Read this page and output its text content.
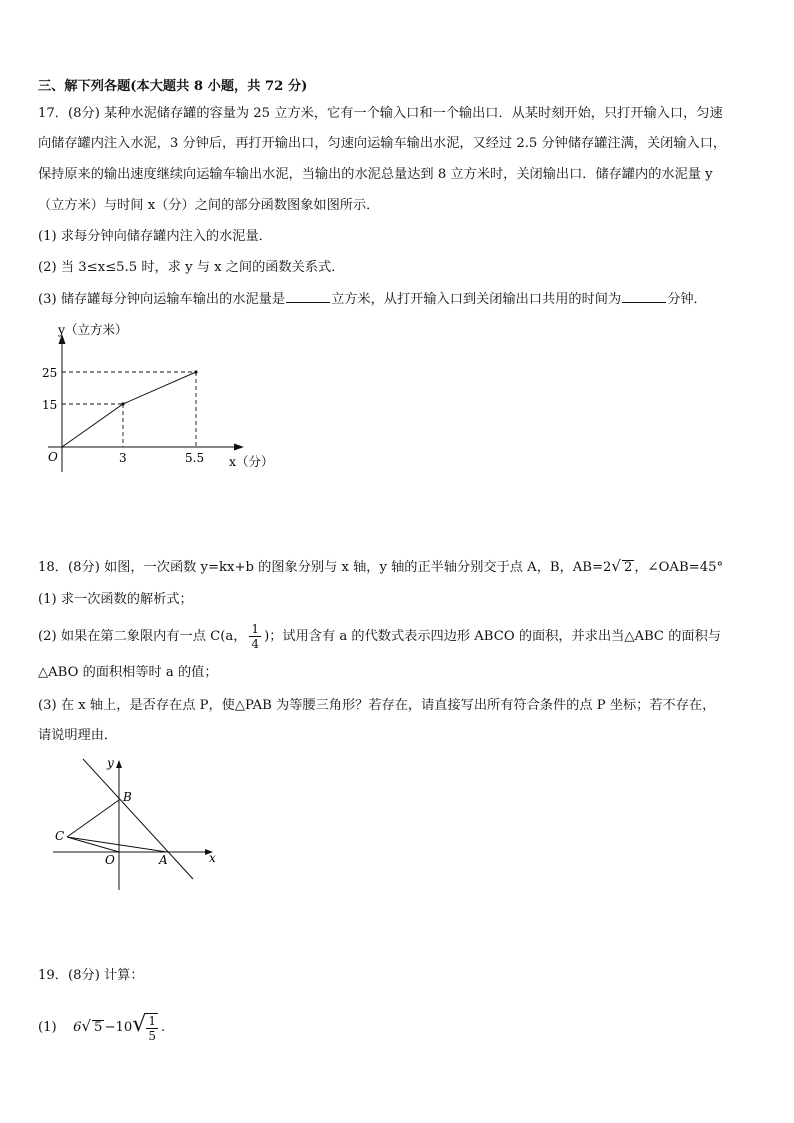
三、解下列各题(本大题共 8 小题，共 72 分)
17．(8分) 某种水泥储存罐的容量为 25 立方米，它有一个输入口和一个输出口．从某时刻开始，只打开输入口，匀速
向储存罐内注入水泥，3 分钟后，再打开输出口，匀速向运输车输出水泥，又经过 2.5 分钟储存罐注满，关闭输入口，
保持原来的输出速度继续向运输车输出水泥，当输出的水泥总量达到 8 立方米时，关闭输出口．储存罐内的水泥量 y
（立方米）与时间 x（分）之间的部分函数图象如图所示．
(1) 求每分钟向储存罐内注入的水泥量．
(2) 当 3≤x≤5.5 时，求 y 与 x 之间的函数关系式．
(3) 储存罐每分钟向运输车输出的水泥量是	立方米，从打开输入口到关闭输出口共用的时间为	分钟．
y（立方米）
25
15
O	3	5.5 x（分）
18．(8分) 如图，一次函数 y=kx+b 的图象分别与 x 轴，y 轴的正半轴分别交于点 A，B，AB=2√ 2 ，∠OAB=45°
(1) 求一次函数的解析式；
(2) 如果在第二象限内有一点 C(a， $\frac{1}{4}$ )；试用含有 a 的代数式表示四边形 ABCO 的面积，并求出当△ABC 的面积与
△ABO 的面积相等时 a 的值；
(3) 在 x 轴上，是否存在点 P，使△PAB 为等腰三角形？若存在，请直接写出所有符合条件的点 P 坐标；若不存在，
请说明理由．
y
B
C
O	A	x
19．(8分) 计算：
(1) 6√ $5 -10√ \frac{1}{5}$ .
